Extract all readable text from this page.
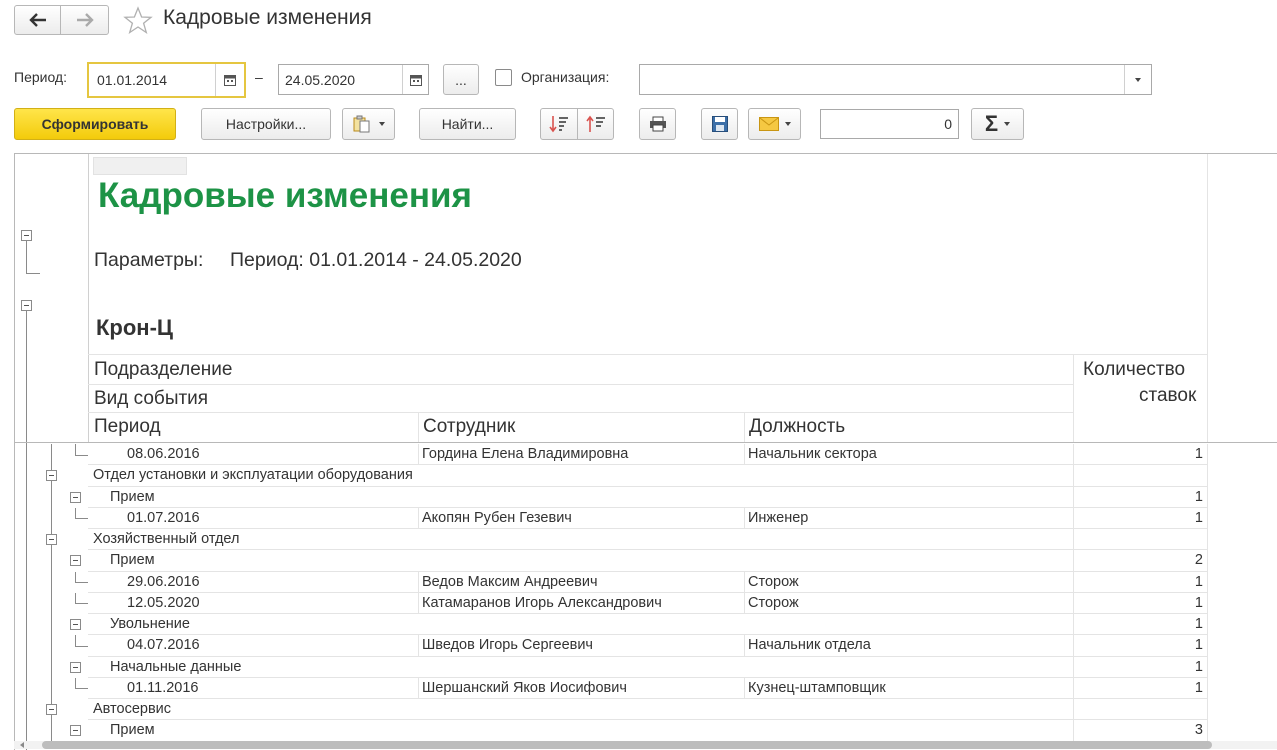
Кадровые изменения
Период: 01.01.2014	– 24.05.2020	...	Организация:
Сформировать	Настройки...	Найти...	0 Σ
Кадровые изменения
Параметры: Период: 01.01.2014 - 24.05.2020
Крон-Ц
Подразделение
Вид события
Период	Сотрудник	Должность
Количество
ставок
08.06.2016	Гордина Елена Владимировна	Начальник сектора	1
Отдел установки и эксплуатации оборудования
Прием	1
01.07.2016	Акопян Рубен Гезевич	Инженер	1
Хозяйственный отдел
Прием	2
29.06.2016	Ведов Максим Андреевич	Сторож	1
12.05.2020	Катамаранов Игорь Александрович	Сторож	1
Увольнение	1
04.07.2016	Шведов Игорь Сергеевич	Начальник отдела	1
Начальные данные	1
01.11.2016	Шершанский Яков Иосифович	Кузнец-штамповщик	1
Автосервис
Прием	3
